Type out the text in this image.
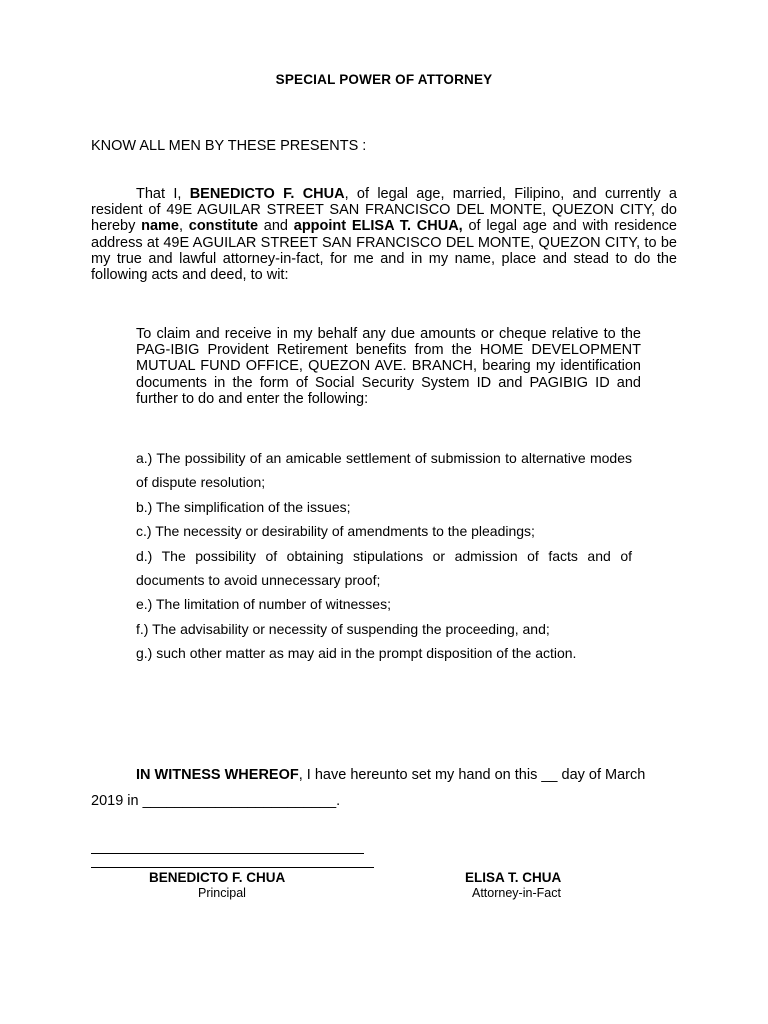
SPECIAL POWER OF ATTORNEY
KNOW ALL MEN BY THESE PRESENTS :
That I, BENEDICTO F. CHUA, of legal age, married, Filipino, and currently a resident of 49E AGUILAR STREET SAN FRANCISCO DEL MONTE, QUEZON CITY, do hereby name, constitute and appoint ELISA T. CHUA, of legal age and with residence address at 49E AGUILAR STREET SAN FRANCISCO DEL MONTE, QUEZON CITY, to be my true and lawful attorney-in-fact, for me and in my name, place and stead to do the following acts and deed, to wit:
To claim and receive in my behalf any due amounts or cheque relative to the PAG-IBIG Provident Retirement benefits from the HOME DEVELOPMENT MUTUAL FUND OFFICE, QUEZON AVE. BRANCH, bearing my identification documents in the form of Social Security System ID and PAGIBIG ID and further to do and enter the following:

a.) The possibility of an amicable settlement of submission to alternative modes of dispute resolution;

b.) The simplification of the issues;

c.) The necessity or desirability of amendments to the pleadings;

d.) The possibility of obtaining stipulations or admission of facts and of documents to avoid unnecessary proof;

e.) The limitation of number of witnesses;

f.) The advisability or necessity of suspending the proceeding, and;

g.) such other matter as may aid in the prompt disposition of the action.

IN WITNESS WHEREOF, I have hereunto set my hand on this __ day of March 2019 in ________________________.
BENEDICTO F. CHUA
Principal
ELISA T. CHUA
Attorney-in-Fact
